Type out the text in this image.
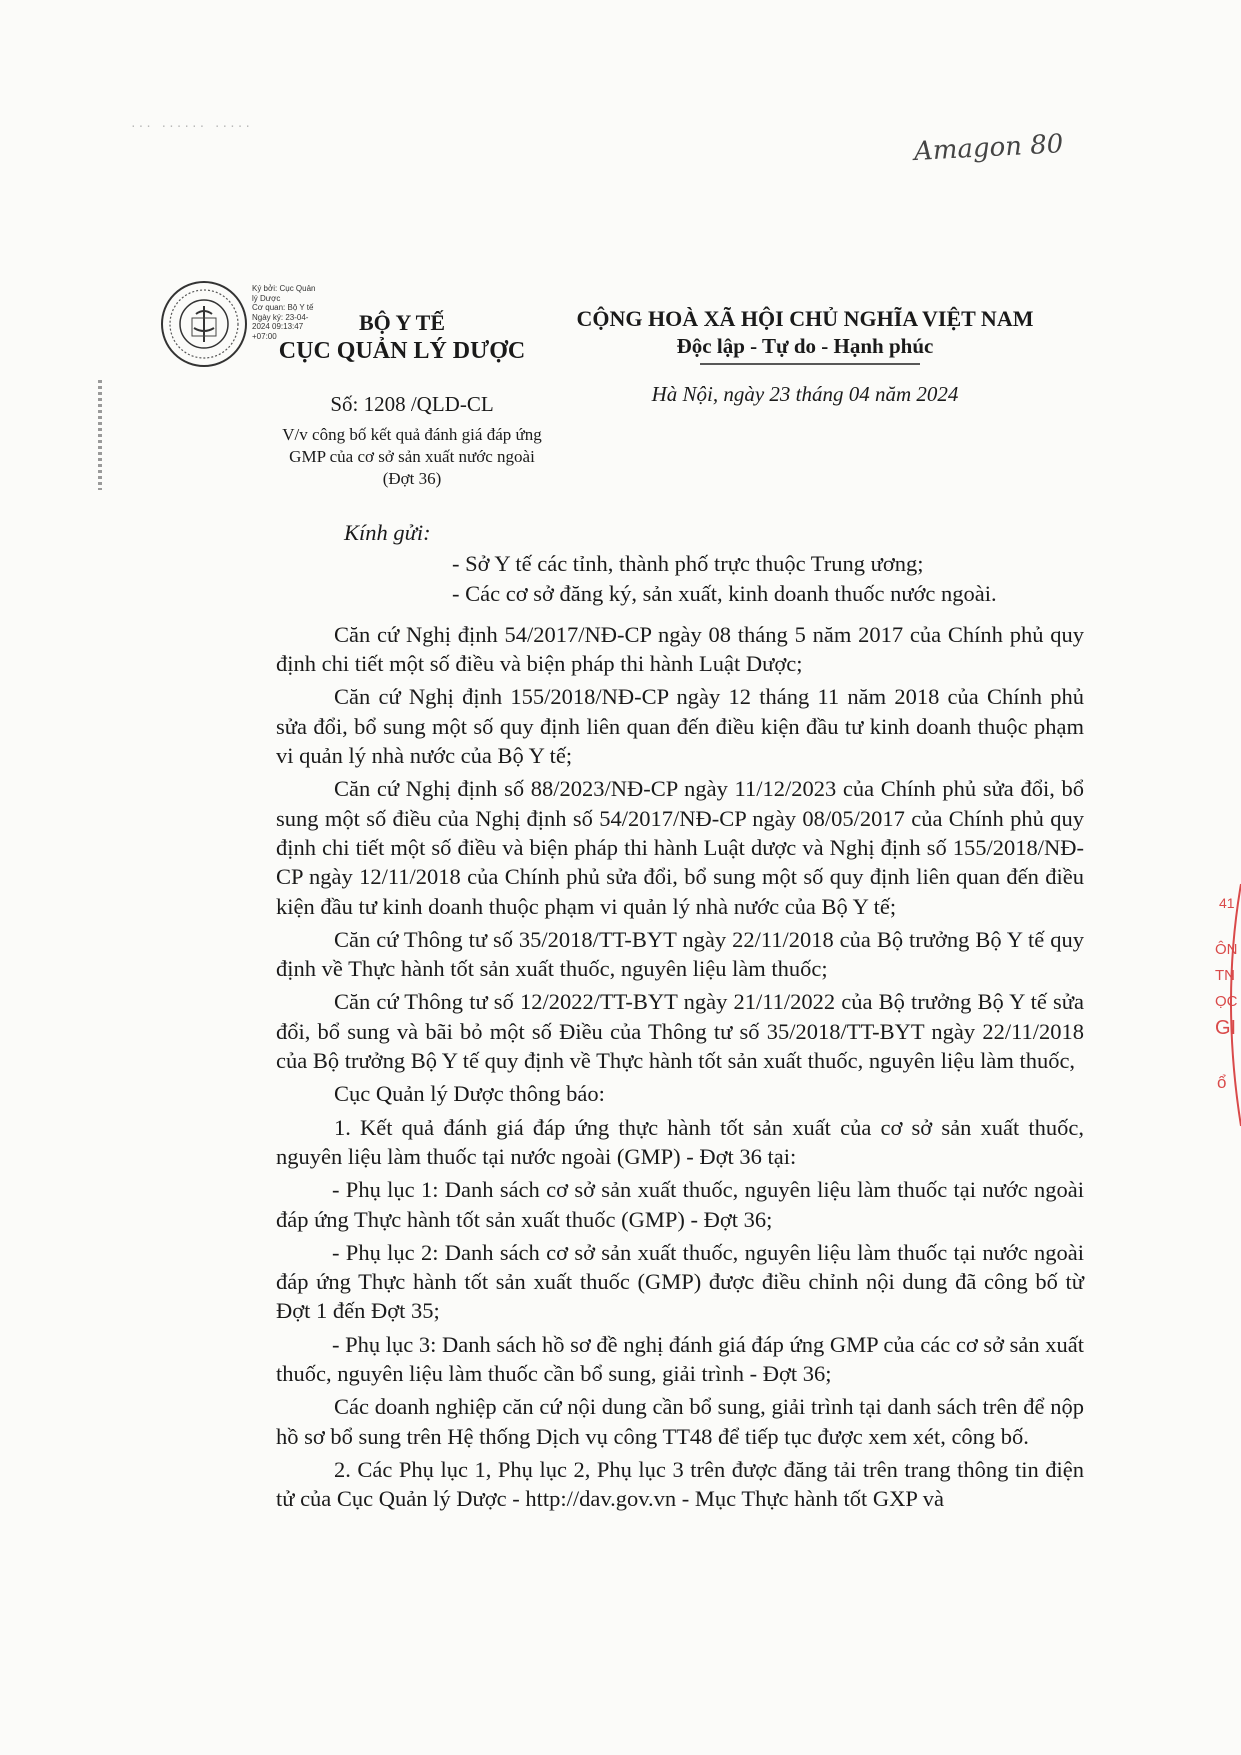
··· ······ ·····
Amagon 80
Ký bởi: Cục Quản
lý Dược
Cơ quan: Bộ Y tế
Ngày ký: 23-04-
2024 09:13:47
+07:00
BỘ Y TẾ
CỤC QUẢN LÝ DƯỢC
CỘNG HOÀ XÃ HỘI CHỦ NGHĨA VIỆT NAM
Độc lập - Tự do - Hạnh phúc
Số: 1208 /QLD-CL	Hà Nội, ngày 23 tháng 04 năm 2024
V/v công bố kết quả đánh giá đáp ứng
GMP của cơ sở sản xuất nước ngoài
(Đợt 36)

Kính gửi:

- Sở Y tế các tỉnh, thành phố trực thuộc Trung ương;

- Các cơ sở đăng ký, sản xuất, kinh doanh thuốc nước ngoài.

Căn cứ Nghị định 54/2017/NĐ-CP ngày 08 tháng 5 năm 2017 của Chính phủ quy định chi tiết một số điều và biện pháp thi hành Luật Dược;

Căn cứ Nghị định 155/2018/NĐ-CP ngày 12 tháng 11 năm 2018 của Chính phủ sửa đổi, bổ sung một số quy định liên quan đến điều kiện đầu tư kinh doanh thuộc phạm vi quản lý nhà nước của Bộ Y tế;

Căn cứ Nghị định số 88/2023/NĐ-CP ngày 11/12/2023 của Chính phủ sửa đổi, bổ sung một số điều của Nghị định số 54/2017/NĐ-CP ngày 08/05/2017 của Chính phủ quy định chi tiết một số điều và biện pháp thi hành Luật dược và Nghị định số 155/2018/NĐ-CP ngày 12/11/2018 của Chính phủ sửa đổi, bổ sung một số quy định liên quan đến điều kiện đầu tư kinh doanh thuộc phạm vi quản lý nhà nước của Bộ Y tế;

Căn cứ Thông tư số 35/2018/TT-BYT ngày 22/11/2018 của Bộ trưởng Bộ Y tế quy định về Thực hành tốt sản xuất thuốc, nguyên liệu làm thuốc;

Căn cứ Thông tư số 12/2022/TT-BYT ngày 21/11/2022 của Bộ trưởng Bộ Y tế sửa đổi, bổ sung và bãi bỏ một số Điều của Thông tư số 35/2018/TT-BYT ngày 22/11/2018 của Bộ trưởng Bộ Y tế quy định về Thực hành tốt sản xuất thuốc, nguyên liệu làm thuốc,

Cục Quản lý Dược thông báo:

1. Kết quả đánh giá đáp ứng thực hành tốt sản xuất của cơ sở sản xuất thuốc, nguyên liệu làm thuốc tại nước ngoài (GMP) - Đợt 36 tại:

- Phụ lục 1: Danh sách cơ sở sản xuất thuốc, nguyên liệu làm thuốc tại nước ngoài đáp ứng Thực hành tốt sản xuất thuốc (GMP) - Đợt 36;

- Phụ lục 2: Danh sách cơ sở sản xuất thuốc, nguyên liệu làm thuốc tại nước ngoài đáp ứng Thực hành tốt sản xuất thuốc (GMP) được điều chỉnh nội dung đã công bố từ Đợt 1 đến Đợt 35;

- Phụ lục 3: Danh sách hồ sơ đề nghị đánh giá đáp ứng GMP của các cơ sở sản xuất thuốc, nguyên liệu làm thuốc cần bổ sung, giải trình - Đợt 36;

Các doanh nghiệp căn cứ nội dung cần bổ sung, giải trình tại danh sách trên để nộp hồ sơ bổ sung trên Hệ thống Dịch vụ công TT48 để tiếp tục được xem xét, công bố.

2. Các Phụ lục 1, Phụ lục 2, Phụ lục 3 trên được đăng tải trên trang thông tin điện tử của Cục Quản lý Dược - http://dav.gov.vn - Mục Thực hành tốt GXP và

41
ÔN
TN
ỌC
GI
ổ
